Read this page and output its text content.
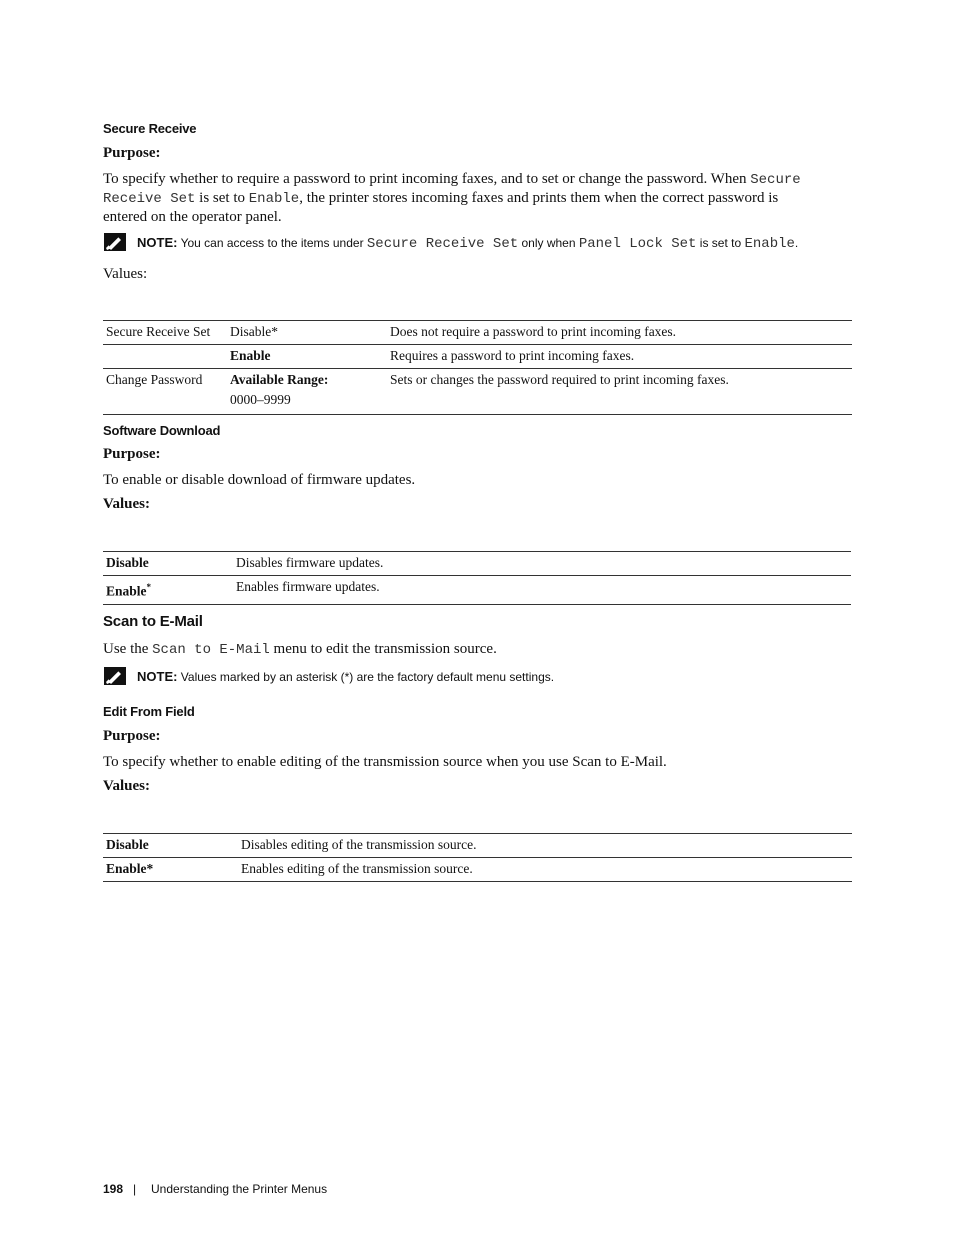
Secure Receive
Purpose:
To specify whether to require a password to print incoming faxes, and to set or change the password. When Secure
Receive Set is set to Enable, the printer stores incoming faxes and prints them when the correct password is
entered on the operator panel.
NOTE: You can access to the items under Secure Receive Set only when Panel Lock Set is set to Enable.
Values:
Secure Receive Set	Disable*	Does not require a password to print incoming faxes.
	Enable	Requires a password to print incoming faxes.
Change Password	Available Range:	Sets or changes the password required to print incoming faxes.
	0000–9999	
Software Download
Purpose:
To enable or disable download of firmware updates.
Values:
Disable	Disables firmware updates.
Enable*	Enables firmware updates.
Scan to E-Mail
Use the Scan to E-Mail menu to edit the transmission source.
NOTE: Values marked by an asterisk (*) are the factory default menu settings.
Edit From Field
Purpose:
To specify whether to enable editing of the transmission source when you use Scan to E-Mail.
Values:
Disable	Disables editing of the transmission source.
Enable*	Enables editing of the transmission source.
198 | Understanding the Printer Menus
